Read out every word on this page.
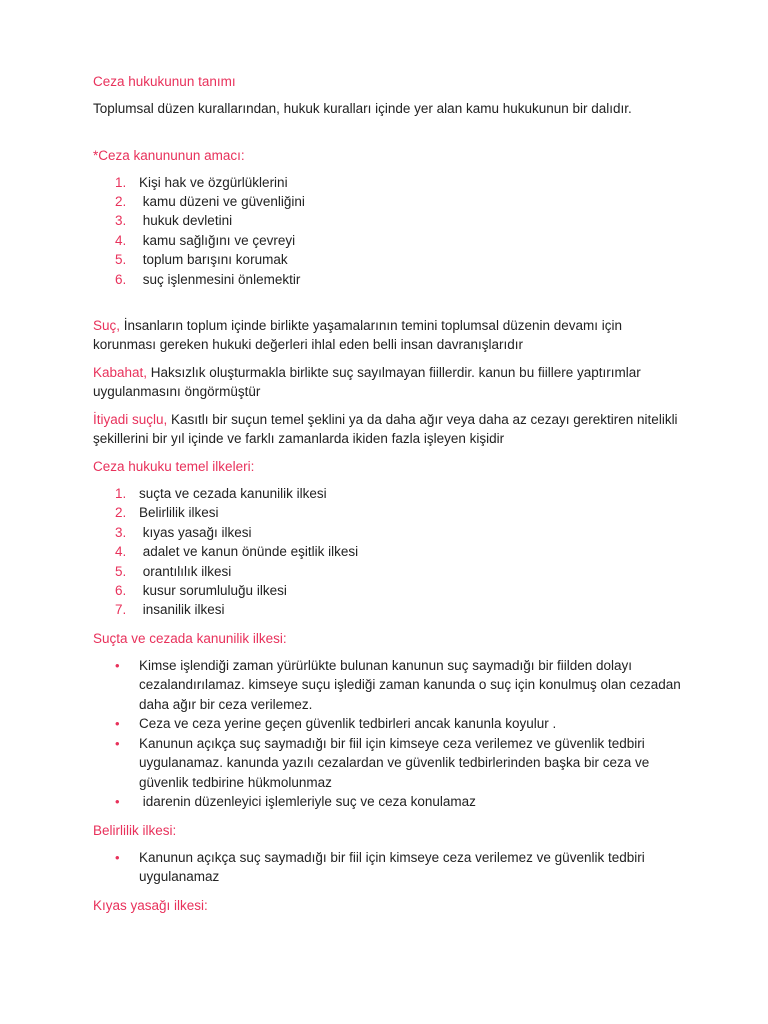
Ceza hukukunun tanımı

Toplumsal düzen kurallarından, hukuk kuralları içinde yer alan kamu hukukunun bir dalıdır.

*Ceza kanununun amacı:

1. Kişi hak ve özgürlüklerini
2. kamu düzeni ve güvenliğini
3. hukuk devletini
4. kamu sağlığını ve çevreyi
5. toplum barışını korumak
6. suç işlenmesini önlemektir

Suç, İnsanların toplum içinde birlikte yaşamalarının temini toplumsal düzenin devamı için korunması gereken hukuki değerleri ihlal eden belli insan davranışlarıdır

Kabahat, Haksızlık oluşturmakla birlikte suç sayılmayan fiillerdir. kanun bu fiillere yaptırımlar uygulanmasını öngörmüştür

İtiyadi suçlu, Kasıtlı bir suçun temel şeklini ya da daha ağır veya daha az cezayı gerektiren nitelikli şekillerini bir yıl içinde ve farklı zamanlarda ikiden fazla işleyen kişidir

Ceza hukuku temel ilkeleri:

1. suçta ve cezada kanunilik ilkesi
2. Belirlilik ilkesi
3. kıyas yasağı ilkesi
4. adalet ve kanun önünde eşitlik ilkesi
5. orantılılık ilkesi
6. kusur sorumluluğu ilkesi
7. insanilik ilkesi

Suçta ve cezada kanunilik ilkesi:

• Kimse işlendiği zaman yürürlükte bulunan kanunun suç saymadığı bir fiilden dolayı cezalandırılamaz. kimseye suçu işlediği zaman kanunda o suç için konulmuş olan cezadan daha ağır bir ceza verilemez.
• Ceza ve ceza yerine geçen güvenlik tedbirleri ancak kanunla koyulur .
• Kanunun açıkça suç saymadığı bir fiil için kimseye ceza verilemez ve güvenlik tedbiri uygulanamaz. kanunda yazılı cezalardan ve güvenlik tedbirlerinden başka bir ceza ve güvenlik tedbirine hükmolunmaz
• idarenin düzenleyici işlemleriyle suç ve ceza konulamaz

Belirlilik ilkesi:

• Kanunun açıkça suç saymadığı bir fiil için kimseye ceza verilemez ve güvenlik tedbiri uygulanamaz

Kıyas yasağı ilkesi:
